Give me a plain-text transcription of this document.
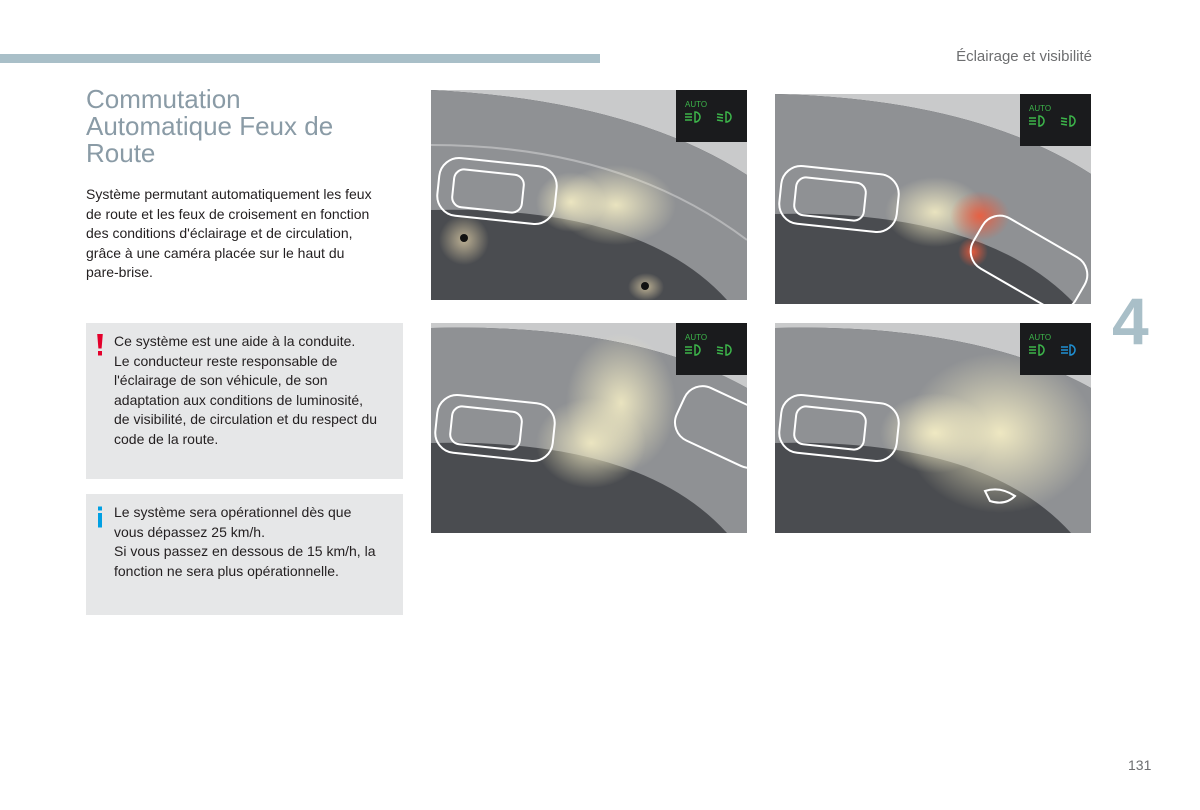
Éclairage et visibilité
Commutation
Automatique Feux de
Route

Système permutant automatiquement les feux
de route et les feux de croisement en fonction
des conditions d'éclairage et de circulation,
grâce à une caméra placée sur le haut du
pare-brise.

Ce système est une aide à la conduite.
Le conducteur reste responsable de
l'éclairage de son véhicule, de son
adaptation aux conditions de luminosité,
de visibilité, de circulation et du respect du
code de la route.
Le système sera opérationnel dès que
vous dépassez 25 km/h.
Si vous passez en dessous de 15 km/h, la
fonction ne sera plus opérationnelle.
AUTO	AUTO
AUTO	AUTO 4
131
